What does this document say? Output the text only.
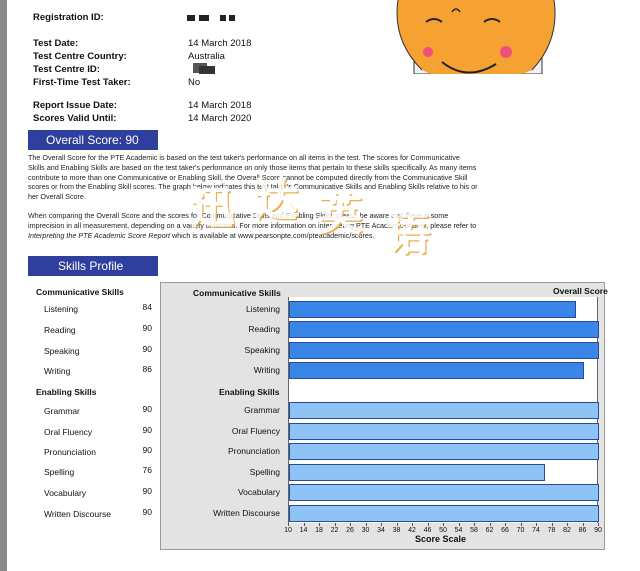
Registration ID:
Test Date:	14 March 2018
Test Centre Country:	Australia
Test Centre ID:
First-Time Test Taker:	No
Report Issue Date:	14 March 2018
Scores Valid Until:	14 March 2020
Overall Score: 90
The Overall Score for the PTE Academic is based on the test taker's performance on all items in the test. The scores for Communicative Skills and Enabling Skills are based on the test taker's performance on only those items that pertain to these skills specifically. As many items contribute to more than one Communicative or Enabling Skill, the Overall Score cannot be computed directly from the Communicative Skill scores or from the Enabling Skill scores. The graph below indicates this test taker's Communicative Skills and Enabling Skills relative to his or her Overall Score.
When comparing the Overall Score and the scores for Communicative Skills and Enabling Skills, please be aware that there is some imprecision in all measurement, depending on a variety of factors. For more information on interpreting PTE Academic scores, please refer to Interpreting the PTE Academic Score Report which is available at www.pearsonpte.com/pteacademic/scores.
迅 达 英 语
Skills Profile
Communicative Skills
Enabling Skills
Listening	84
Reading	90
Speaking	90
Writing	86
Grammar	90
Oral Fluency	90
Pronunciation	90
Spelling	76
Vocabulary	90
Written Discourse	90
Communicative Skills
Enabling Skills
Overall Score
Listening
Reading
Speaking
Writing
Grammar
Oral Fluency
Pronunciation
Spelling
Vocabulary
Written Discourse
10	14	18	22	26	30	34	38	42	46	50	54	58	62	66	70	74	78	82	86	90
Score Scale
